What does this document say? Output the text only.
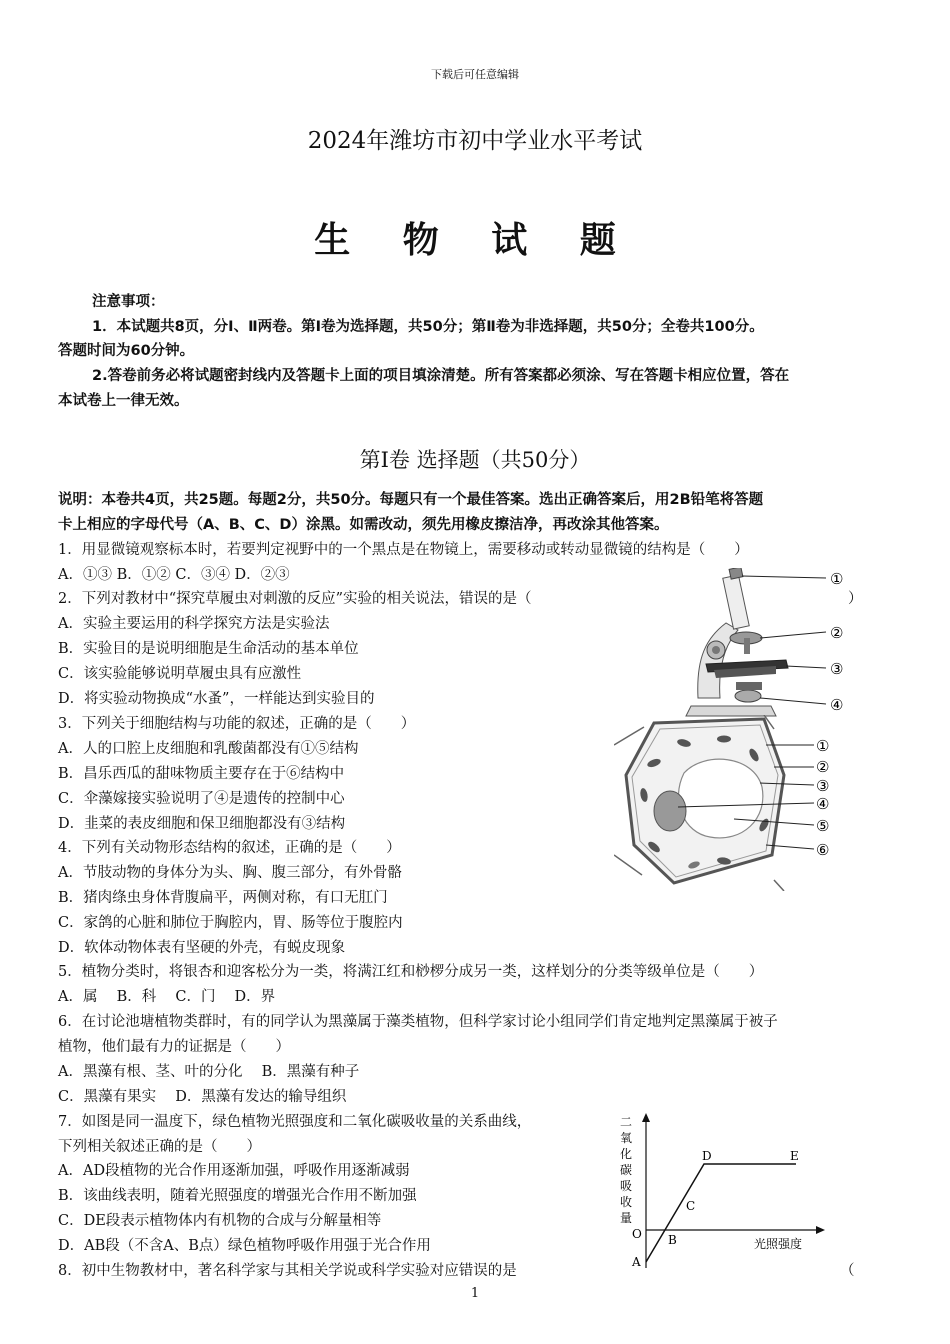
下载后可任意编辑
2024年潍坊市初中学业水平考试
生 物 试 题
注意事项：
1．本试题共8页，分Ⅰ、Ⅱ两卷。第Ⅰ卷为选择题，共50分；第Ⅱ卷为非选择题，共50分；全卷共100分。
答题时间为60分钟。
2.答卷前务必将试题密封线内及答题卡上面的项目填涂清楚。所有答案都必须涂、写在答题卡相应位置，答在
本试卷上一律无效。
第Ⅰ卷 选择题（共50分）
说明：本卷共4页，共25题。每题2分，共50分。每题只有一个最佳答案。选出正确答案后，用2B铅笔将答题
卡上相应的字母代号（A、B、C、D）涂黑。如需改动，须先用橡皮擦洁净，再改涂其他答案。
1．用显微镜观察标本时，若要判定视野中的一个黑点是在物镜上，需要移动或转动显微镜的结构是（　　）
A．①③ B．①② C．③④ D．②③
2．下列对教材中“探究草履虫对刺激的反应”实验的相关说法，错误的是（	）
A．实验主要运用的科学探究方法是实验法
B．实验目的是说明细胞是生命活动的基本单位
C．该实验能够说明草履虫具有应激性
D．将实验动物换成“水蚤”，一样能达到实验目的
3．下列关于细胞结构与功能的叙述，正确的是（　　）
A．人的口腔上皮细胞和乳酸菌都没有①⑤结构
B．昌乐西瓜的甜味物质主要存在于⑥结构中
C．伞藻嫁接实验说明了④是遗传的控制中心
D．韭菜的表皮细胞和保卫细胞都没有③结构
4．下列有关动物形态结构的叙述，正确的是（　　）
A．节肢动物的身体分为头、胸、腹三部分，有外骨骼
B．猪肉绦虫身体背腹扁平，两侧对称，有口无肛门
C．家鸽的心脏和肺位于胸腔内，胃、肠等位于腹腔内
D．软体动物体表有坚硬的外壳，有蜕皮现象
5．植物分类时，将银杏和迎客松分为一类，将满江红和桫椤分成另一类，这样划分的分类等级单位是（　　）
A．属　 B．科　 C．门　 D．界
6．在讨论池塘植物类群时，有的同学认为黑藻属于藻类植物，但科学家讨论小组同学们肯定地判定黑藻属于被子
植物，他们最有力的证据是（　　）
A．黑藻有根、茎、叶的分化　 B．黑藻有种子
C．黑藻有果实　 D．黑藻有发达的输导组织
7．如图是同一温度下，绿色植物光照强度和二氧化碳吸收量的关系曲线，
下列相关叙述正确的是（　　）
A．AD段植物的光合作用逐渐加强，呼吸作用逐渐减弱
B．该曲线表明，随着光照强度的增强光合作用不断加强
C．DE段表示植物体内有机物的合成与分解量相等
D．AB段（不含A、B点）绿色植物呼吸作用强于光合作用
8．初中生物教材中，著名科学家与其相关学说或科学实验对应错误的是	（
1
①
②
③
④
①
②
③
④
⑤
⑥
二
氧
化
碳
吸
收
量
O
A
B
C
D	E
光照强度
